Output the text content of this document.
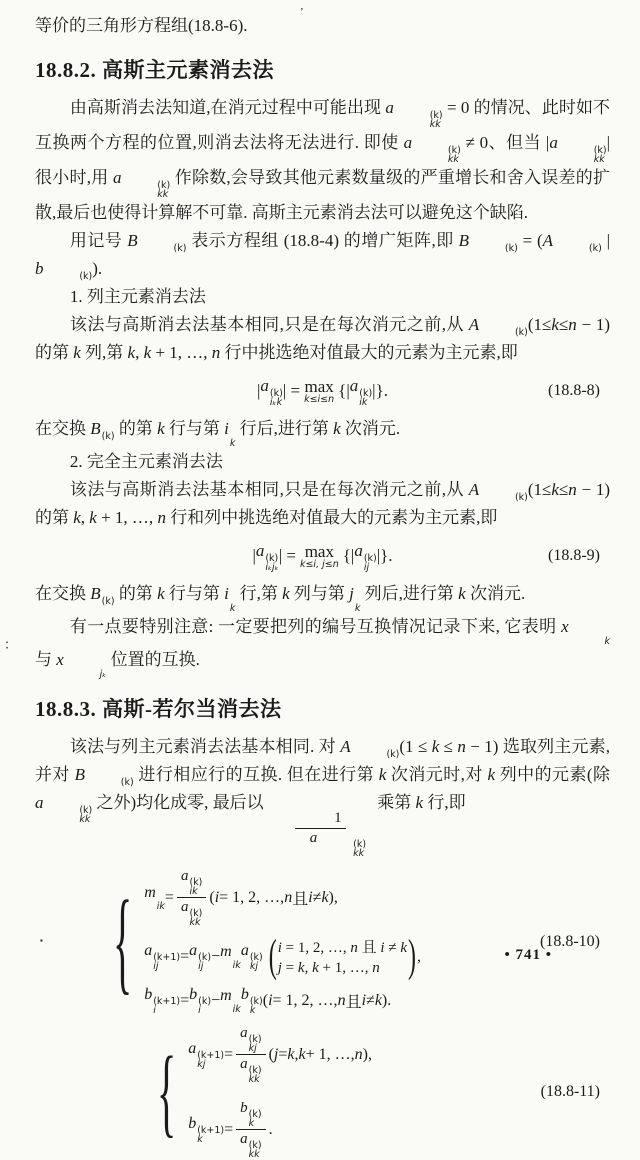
等价的三角形方程组(18.8-6).

18.8.2. 高斯主元素消去法

由高斯消去法知道,在消元过程中可能出现 a	(k)
kk
= 0 的情况、此时如不互换两个方程的位置,则消去法将无法进行. 即使 a	(k)
kk
≠ 0、但当 |a	(k)
kk
| 很小时,用 a	(k)
kk
作除数,会导致其他元素数量级的严重增长和舍入误差的扩散,最后也使得计算解不可靠. 高斯主元素消去法可以避免这个缺陷.

用记号 B	(k) 表示方程组 (18.8-4) 的增广矩阵,即 B	(k) = (A	(k) | b	(k) ).

1. 列主元素消去法

该法与高斯消去法基本相同,只是在每次消元之前,从 A	(k) (1≤k≤n − 1) 的第 k 列,第 k, k + 1, …, n 行中挑选绝对值最大的元素为主元素,即

| a (k)
iₖk
| = max
k≤i≤n {| a (k)
ik
|}.	(18.8-8)

在交换 B (k) 的第 k 行与第 i
k
行后,进行第 k 次消元.

2. 完全主元素消去法

该法与高斯消去法基本相同,只是在每次消元之前,从 A	(k) (1≤k≤n − 1) 的第 k, k + 1, …, n 行和列中挑选绝对值最大的元素为主元素,即

| a (k)
iₖjₖ
| = max
k≤i, j≤n {| a (k)
ij
|}.	(18.8-9)

在交换 B (k) 的第 k 行与第 i
k
行,第 k 列与第 j
k
列后,进行第 k 次消元.

有一点要特别注意: 一定要把列的编号互换情况记录下来, 它表明 x
k
与 x
jₖ
位置的互换.

18.8.3. 高斯-若尔当消去法

该法与列主元素消去法基本相同. 对 A	(k) (1 ≤ k ≤ n − 1) 选取列主元素,并对 B	(k) 进行相应行的互换. 但在进行第 k 次消元时,对 k 列中的元素(除 a	(k)
kk
之外)均化成零, 最后以
1
a	(k)
kk
乘第 k 行,即

{ m
ik
= a (k)
ik
a (k)
kk ( i = 1, 2, …, n 且 i ≠ k ),
a (k+1)
ij
= a (k)
ij
− m
ik
a (k)
kj ( i = 1, 2, …, n 且 i ≠ k
j = k, k + 1, …, n	) ,
b (k+1)
i
= b (k)
i
− m
ik
b (k)
k
( i = 1, 2, …, n 且 i ≠ k ).
(18.8-10)
{ a (k+1)
kj
= a (k)
kj
a (k)
kk ( j = k , k + 1, …, n ),
b (k+1)
k
= b (k)
k
a (k)
kk .
(18.8-11)
• 741 •
’
：
▪
